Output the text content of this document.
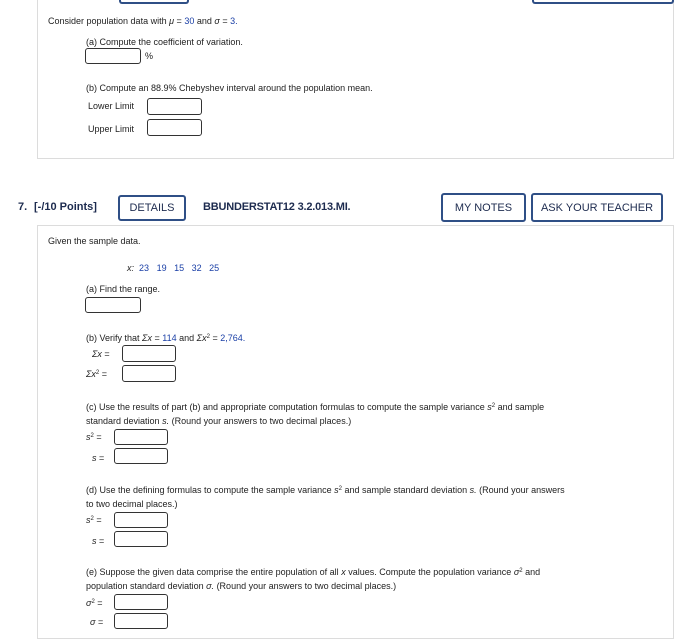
Consider population data with μ = 30 and σ = 3.
(a) Compute the coefficient of variation.
%
(b) Compute an 88.9% Chebyshev interval around the population mean.
Lower Limit
Upper Limit
7. [-/10 Points]	DETAILS	BBUNDERSTAT12 3.2.013.MI.	MY NOTES	ASK YOUR TEACHER
Given the sample data.
x: 23 19 15 32 25
(a) Find the range.
(b) Verify that Σx = 114 and $\Sigma x^2 = 2,764$.
Σx =
$\Sigma x^2$ =
(c) Use the results of part (b) and appropriate computation formulas to compute the sample variance $s^2$ and sample
standard deviation s. (Round your answers to two decimal places.)
$s^2$ =
s =
(d) Use the defining formulas to compute the sample variance $s^2$ and sample standard deviation s. (Round your answers
to two decimal places.)
$s^2$ =
s =
(e) Suppose the given data comprise the entire population of all x values. Compute the population variance $\sigma^2$ and
population standard deviation σ. (Round your answers to two decimal places.)
$\sigma^2$ =
σ =
